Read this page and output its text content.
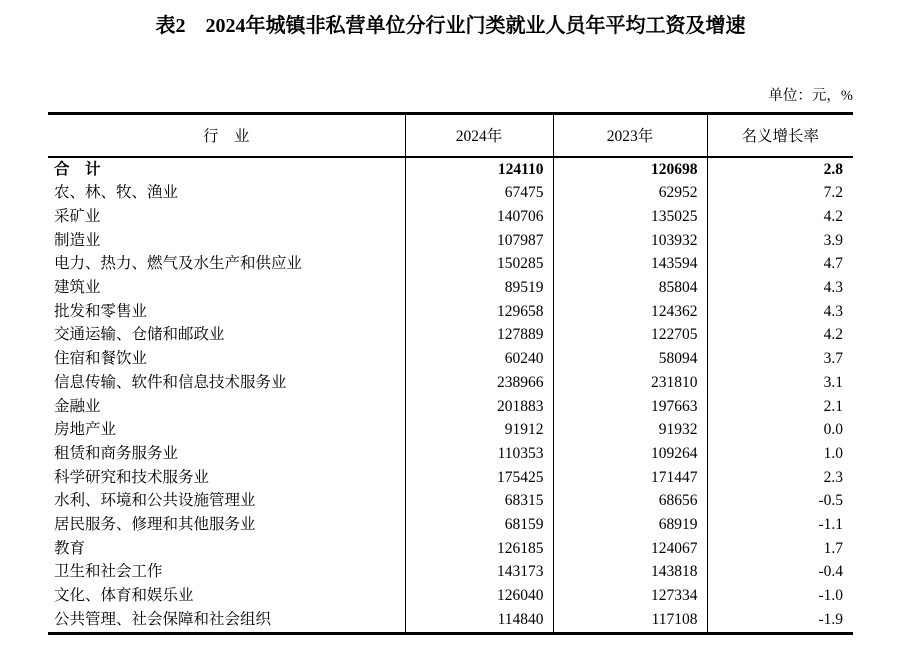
表2　2024年城镇非私营单位分行业门类就业人员年平均工资及增速
单位：元，%
行　业	2024年	2023年	名义增长率
合　计	124110	120698	2.8
农、林、牧、渔业	67475	62952	7.2
采矿业	140706	135025	4.2
制造业	107987	103932	3.9
电力、热力、燃气及水生产和供应业	150285	143594	4.7
建筑业	89519	85804	4.3
批发和零售业	129658	124362	4.3
交通运输、仓储和邮政业	127889	122705	4.2
住宿和餐饮业	60240	58094	3.7
信息传输、软件和信息技术服务业	238966	231810	3.1
金融业	201883	197663	2.1
房地产业	91912	91932	0.0
租赁和商务服务业	110353	109264	1.0
科学研究和技术服务业	175425	171447	2.3
水利、环境和公共设施管理业	68315	68656	-0.5
居民服务、修理和其他服务业	68159	68919	-1.1
教育	126185	124067	1.7
卫生和社会工作	143173	143818	-0.4
文化、体育和娱乐业	126040	127334	-1.0
公共管理、社会保障和社会组织	114840	117108	-1.9
